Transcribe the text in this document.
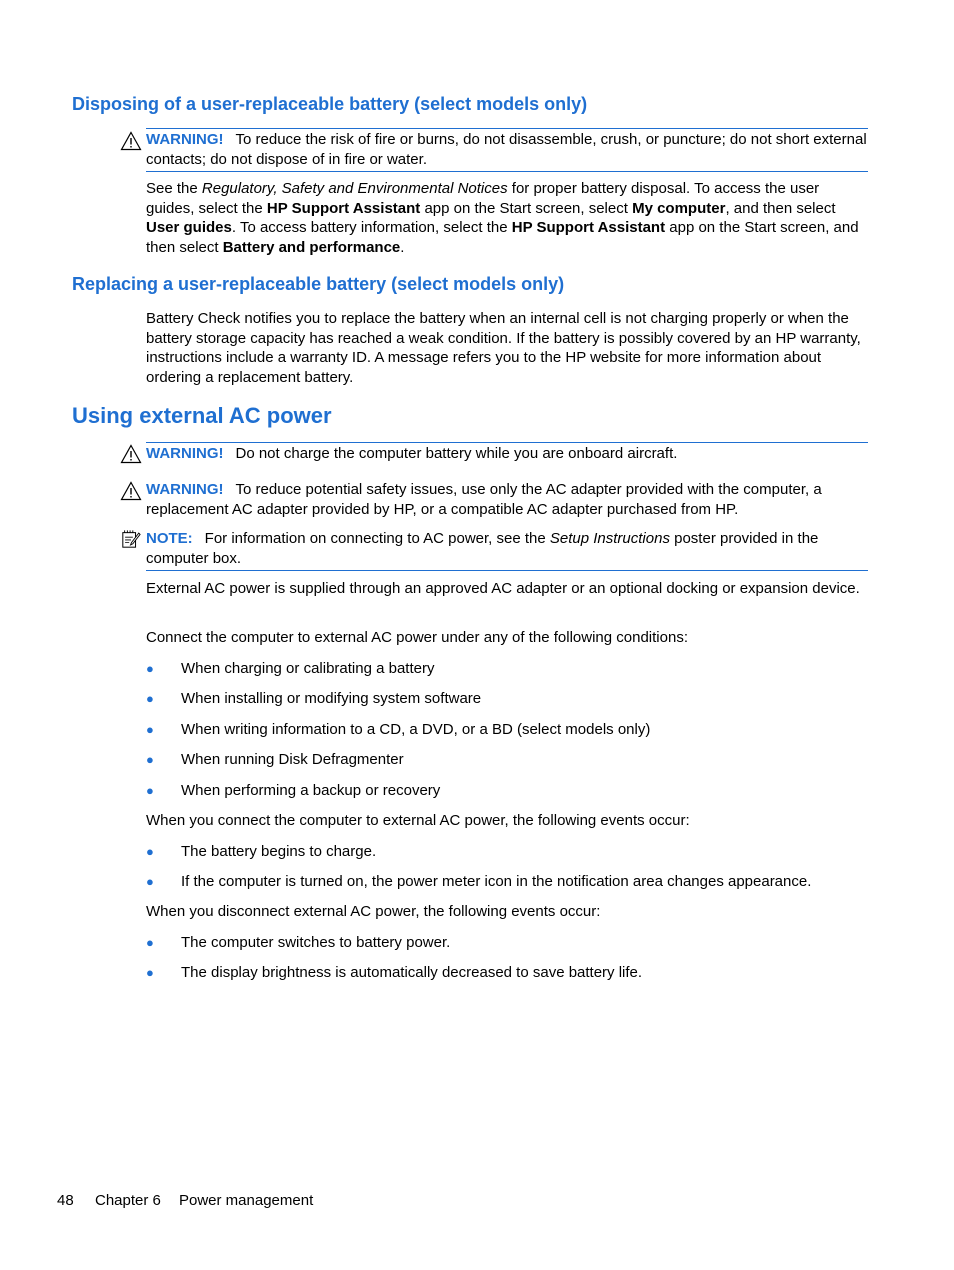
Disposing of a user-replaceable battery (select models only)
WARNING! To reduce the risk of fire or burns, do not disassemble, crush, or puncture; do not short external contacts; do not dispose of in fire or water.
See the Regulatory, Safety and Environmental Notices for proper battery disposal. To access the user guides, select the HP Support Assistant app on the Start screen, select My computer, and then select User guides. To access battery information, select the HP Support Assistant app on the Start screen, and then select Battery and performance.
Replacing a user-replaceable battery (select models only)
Battery Check notifies you to replace the battery when an internal cell is not charging properly or when the battery storage capacity has reached a weak condition. If the battery is possibly covered by an HP warranty, instructions include a warranty ID. A message refers you to the HP website for more information about ordering a replacement battery.
Using external AC power
WARNING! Do not charge the computer battery while you are onboard aircraft.
WARNING! To reduce potential safety issues, use only the AC adapter provided with the computer, a replacement AC adapter provided by HP, or a compatible AC adapter purchased from HP.
NOTE: For information on connecting to AC power, see the Setup Instructions poster provided in the computer box.
External AC power is supplied through an approved AC adapter or an optional docking or expansion device.
Connect the computer to external AC power under any of the following conditions:
● When charging or calibrating a battery
● When installing or modifying system software
● When writing information to a CD, a DVD, or a BD (select models only)
● When running Disk Defragmenter
● When performing a backup or recovery
When you connect the computer to external AC power, the following events occur:
● The battery begins to charge.
● If the computer is turned on, the power meter icon in the notification area changes appearance.
When you disconnect external AC power, the following events occur:
● The computer switches to battery power.
● The display brightness is automatically decreased to save battery life.
48 Chapter 6 Power management
